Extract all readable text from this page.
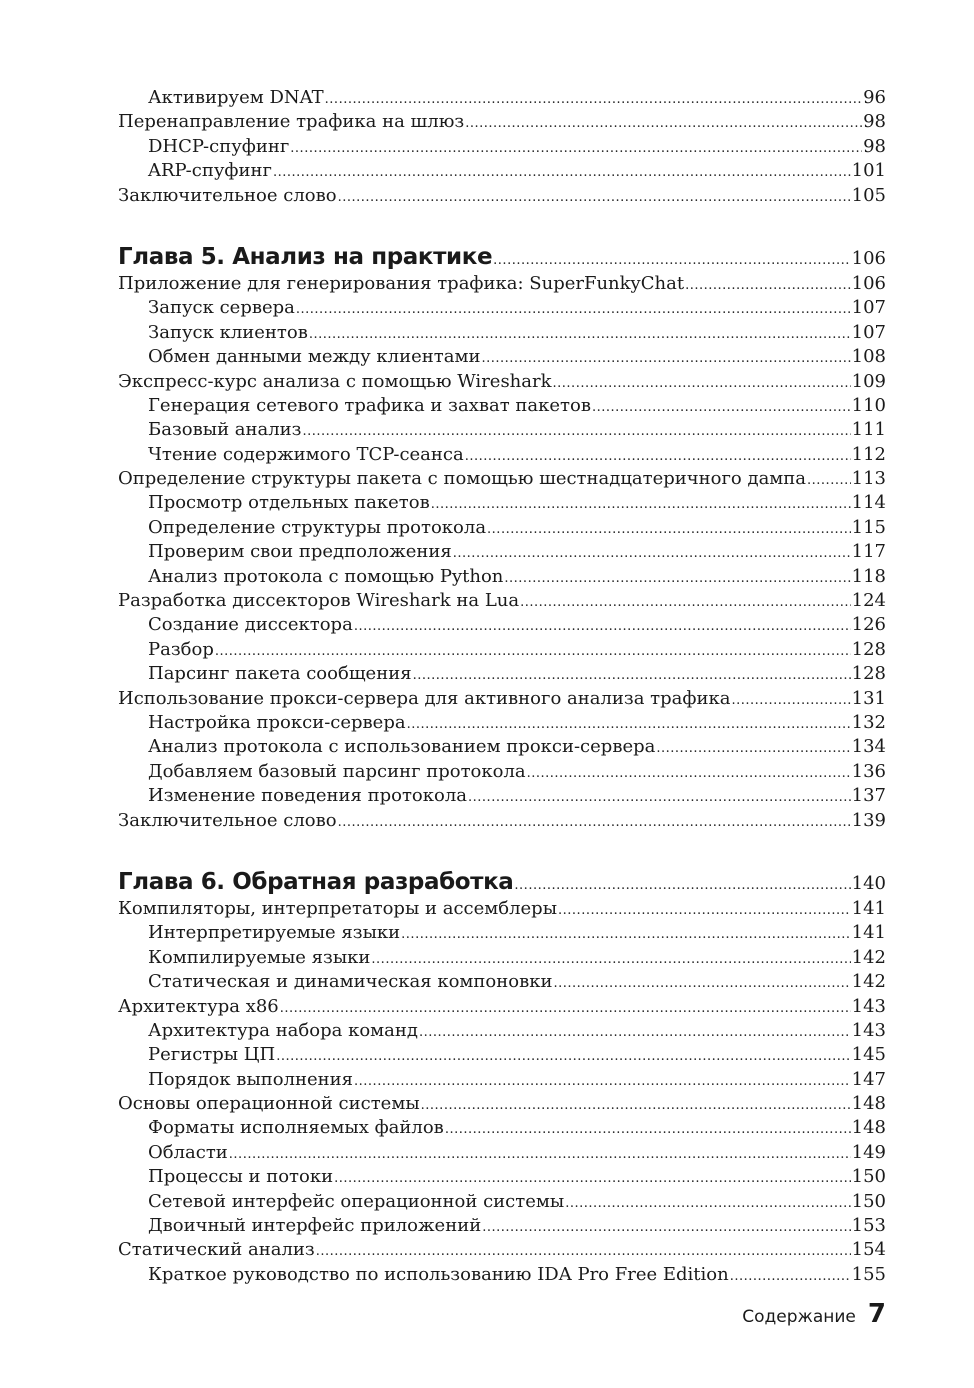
Активируем DNAT .....	96
Перенаправление трафика на шлюз .....	98
DHCP-спуфинг .....	98
ARP-спуфинг .....	101
Заключительное слово .....	105
Глава 5. Анализ на практике .....	106
Приложение для генерирования трафика: SuperFunkyChat .....	106
Запуск сервера .....	107
Запуск клиентов .....	107
Обмен данными между клиентами .....	108
Экспресс-курс анализа с помощью Wireshark .....	109
Генерация сетевого трафика и захват пакетов .....	110
Базовый анализ .....	111
Чтение содержимого TCP-сеанса .....	112
Определение структуры пакета с помощью шестнадцатеричного дампа .....	113
Просмотр отдельных пакетов .....	114
Определение структуры протокола .....	115
Проверим свои предположения .....	117
Анализ протокола с помощью Python .....	118
Разработка диссекторов Wireshark на Lua .....	124
Создание диссектора .....	126
Разбор .....	128
Парсинг пакета сообщения .....	128
Использование прокси-сервера для активного анализа трафика .....	131
Настройка прокси-сервера .....	132
Анализ протокола с использованием прокси-сервера .....	134
Добавляем базовый парсинг протокола .....	136
Изменение поведения протокола .....	137
Заключительное слово .....	139
Глава 6. Обратная разработка .....	140
Компиляторы, интерпретаторы и ассемблеры .....	141
Интерпретируемые языки .....	141
Компилируемые языки .....	142
Статическая и динамическая компоновки .....	142
Архитектура x86 .....	143
Архитектура набора команд .....	143
Регистры ЦП .....	145
Порядок выполнения .....	147
Основы операционной системы .....	148
Форматы исполняемых файлов .....	148
Области .....	149
Процессы и потоки .....	150
Сетевой интерфейс операционной системы .....	150
Двоичный интерфейс приложений .....	153
Статический анализ .....	154
Краткое руководство по использованию IDA Pro Free Edition .....	155
Содержание 7
